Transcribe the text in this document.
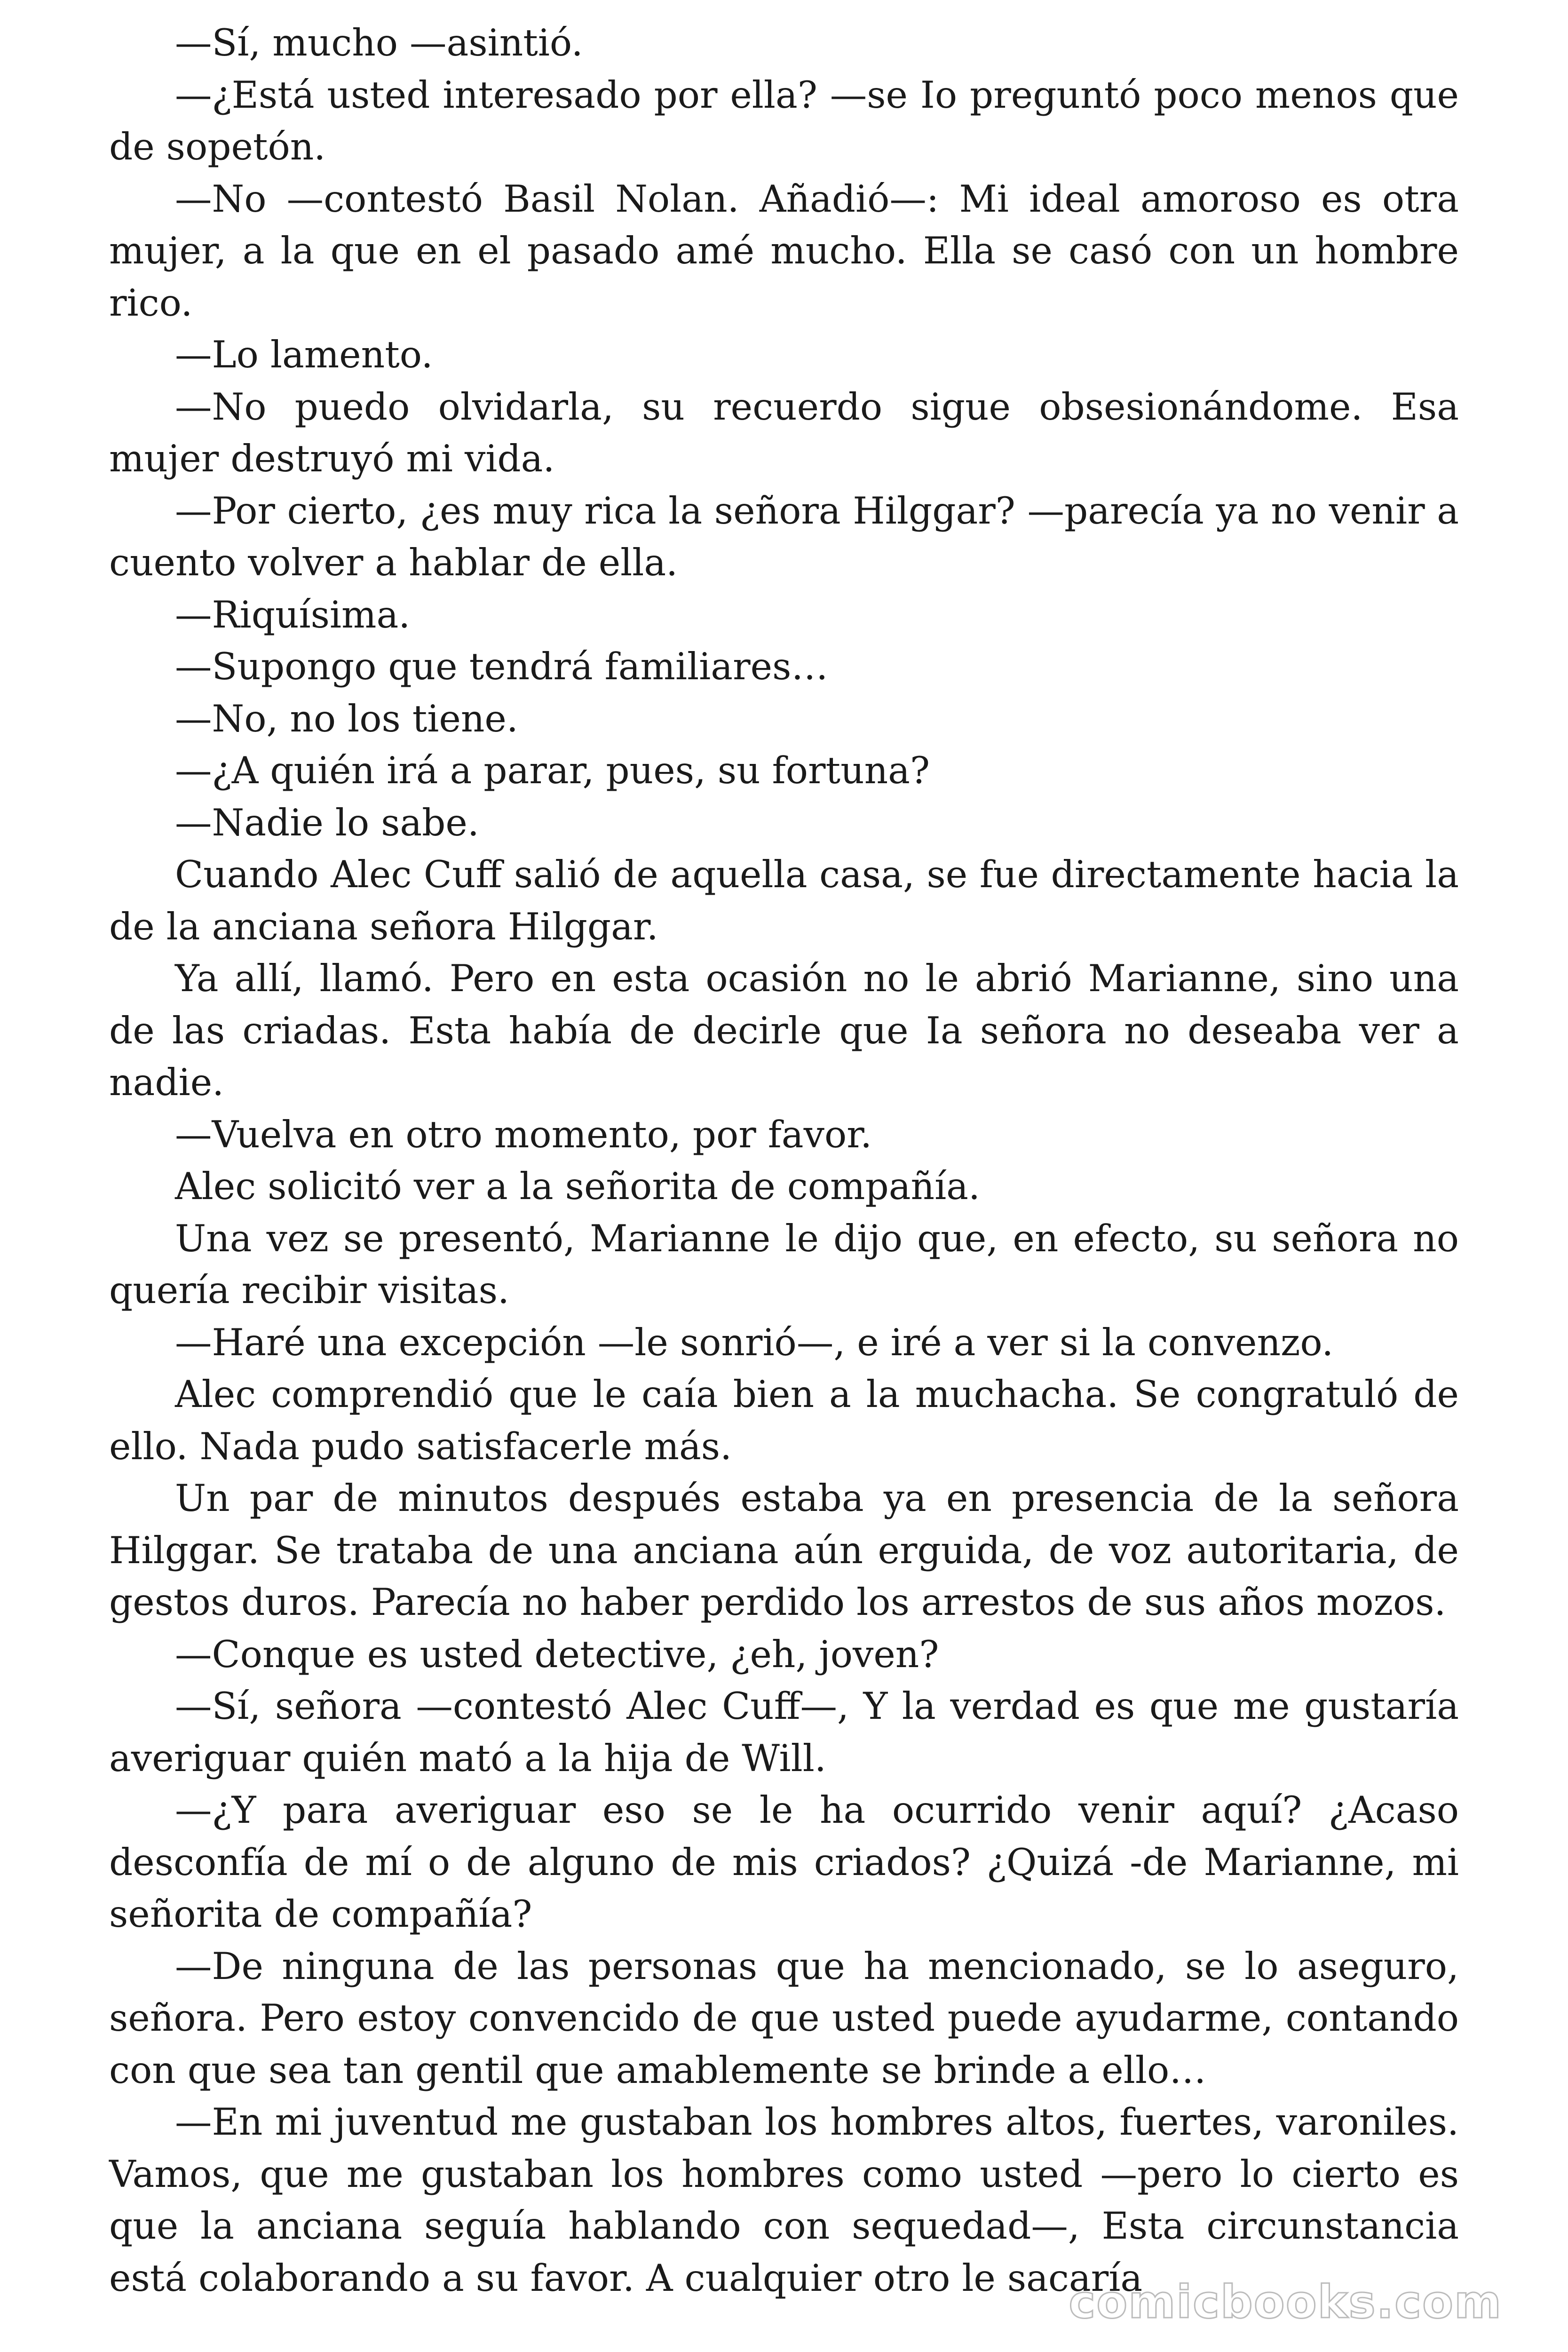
—Sí, mucho —asintió.

—¿Está usted interesado por ella? —se Io preguntó poco menos que de sopetón.

—No —contestó Basil Nolan. Añadió—: Mi ideal amoroso es otra mujer, a la que en el pasado amé mucho. Ella se casó con un hombre rico.

—Lo lamento.

—No puedo olvidarla, su recuerdo sigue obsesionándome. Esa mujer destruyó mi vida.

—Por cierto, ¿es muy rica la señora Hilggar? —parecía ya no venir a cuento volver a hablar de ella.

—Riquísima.

—Supongo que tendrá familiares…

—No, no los tiene.

—¿A quién irá a parar, pues, su fortuna?

—Nadie lo sabe.

Cuando Alec Cuff salió de aquella casa, se fue directamente hacia la de la anciana señora Hilggar.

Ya allí, llamó. Pero en esta ocasión no le abrió Marianne, sino una de las criadas. Esta había de decirle que Ia señora no deseaba ver a nadie.

—Vuelva en otro momento, por favor.

Alec solicitó ver a la señorita de compañía.

Una vez se presentó, Marianne le dijo que, en efecto, su señora no quería recibir visitas.

—Haré una excepción —le sonrió—, e iré a ver si la convenzo.

Alec comprendió que le caía bien a la muchacha. Se congratuló de ello. Nada pudo satisfacerle más.

Un par de minutos después estaba ya en presencia de la señora Hilggar. Se trataba de una anciana aún erguida, de voz autoritaria, de gestos duros. Parecía no haber perdido los arrestos de sus años mozos.

—Conque es usted detective, ¿eh, joven?

—Sí, señora —contestó Alec Cuff—, Y la verdad es que me gustaría averiguar quién mató a la hija de Will.

—¿Y para averiguar eso se le ha ocurrido venir aquí? ¿Acaso desconfía de mí o de alguno de mis criados? ¿Quizá -de Marianne, mi señorita de compañía?

—De ninguna de las personas que ha mencionado, se lo aseguro, señora. Pero estoy convencido de que usted puede ayudarme, contando con que sea tan gentil que amablemente se brinde a ello…

—En mi juventud me gustaban los hombres altos, fuertes, varoniles. Vamos, que me gustaban los hombres como usted —pero lo cierto es que la anciana seguía hablando con sequedad—, Esta circunstancia está colaborando a su favor. A cualquier otro le sacaría

comicbooks.com
